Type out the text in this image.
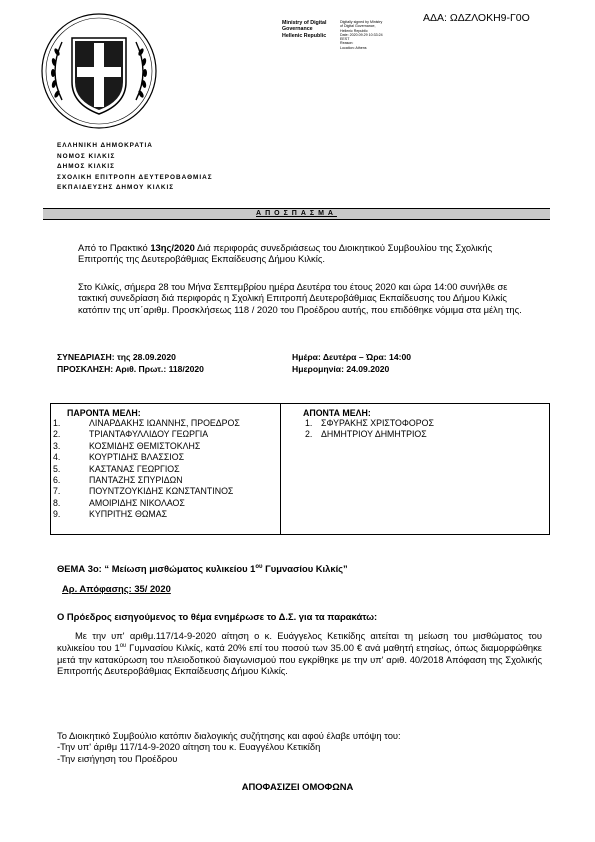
ΑΔΑ: ΩΔΖΛΟΚΗ9-Γ0Ο
Ministry of Digital
Governance
Hellenic Republic
Digitally signed by Ministry
of Digital Governance,
Hellenic Republic
Date: 2020.09.29 10:33:24
EEST
Reason:
Location: Athens
ΕΛΛΗΝΙΚΗ ΔΗΜΟΚΡΑΤΙΑ
ΝΟΜΟΣ ΚΙΛΚΙΣ
ΔΗΜΟΣ ΚΙΛΚΙΣ
ΣΧΟΛΙΚΗ ΕΠΙΤΡΟΠΗ ΔΕΥΤΕΡΟΒΑΘΜΙΑΣ
ΕΚΠΑΙΔΕΥΣΗΣ ΔΗΜΟΥ ΚΙΛΚΙΣ
ΑΠΟΣΠΑΣΜΑ
Από το Πρακτικό 13ης/2020 Διά περιφοράς συνεδριάσεως του Διοικητικού Συμβουλίου της Σχολικής Επιτροπής της Δευτεροβάθμιας Εκπαίδευσης Δήμου Κιλκίς.
Στο Κιλκίς, σήμερα 28 του Μήνα Σεπτεμβρίου ημέρα Δευτέρα του έτους 2020 και ώρα 14:00 συνήλθε σε τακτική συνεδρίαση διά περιφοράς η Σχολική Επιτροπή Δευτεροβάθμιας Εκπαίδευσης του Δήμου Κιλκίς κατόπιν της υπ΄αριθμ. Προσκλήσεως 118 / 2020 του Προέδρου αυτής, που επιδόθηκε νόμιμα στα μέλη της.
ΣΥΝΕΔΡΙΑΣΗ: της 28.09.2020
ΠΡΟΣΚΛΗΣΗ: Αριθ. Πρωτ.: 118/2020
Ημέρα: Δευτέρα – Ώρα: 14:00
Ημερομηνία: 24.09.2020
ΠΑΡΟΝΤΑ ΜΕΛΗ:
1.	ΛΙΝΑΡΔΑΚΗΣ ΙΩΑΝΝΗΣ, ΠΡΟΕΔΡΟΣ
2.	ΤΡΙΑΝΤΑΦΥΛΛΙΔΟΥ ΓΕΩΡΓΙΑ
3.	ΚΟΣΜΙΔΗΣ ΘΕΜΙΣΤΟΚΛΗΣ
4.	ΚΟΥΡΤΙΔΗΣ ΒΛΑΣΣΙΟΣ
5.	ΚΑΣΤΑΝΑΣ ΓΕΩΡΓΙΟΣ
6.	ΠΑΝΤΑΖΗΣ ΣΠΥΡΙΔΩΝ
7.	ΠΟΥΝΤΖΟΥΚΙΔΗΣ ΚΩΝΣΤΑΝΤΙΝΟΣ
8.	ΑΜΟΙΡΙΔΗΣ ΝΙΚΟΛΑΟΣ
9.	ΚΥΠΡΙΤΗΣ ΘΩΜΑΣ

ΑΠΟΝΤΑ ΜΕΛΗ:
1. ΣΦΥΡΑΚΗΣ ΧΡΙΣΤΟΦΟΡΟΣ
2. ΔΗΜΗΤΡΙΟΥ ΔΗΜΗΤΡΙΟΣ
ΘΕΜΑ 3ο: “ Μείωση μισθώματος κυλικείου $1^{o\upsilon}$ Γυμνασίου Κιλκίς”
Αρ. Απόφασης: 35/ 2020
Ο Πρόεδρος εισηγούμενος το θέμα ενημέρωσε το Δ.Σ. για τα παρακάτω:
Με την υπ' αριθμ.117/14-9-2020 αίτηση ο κ. Ευάγγελος Κετικίδης αιτείται τη μείωση του μισθώματος του κυλικείου του $1^{o\upsilon}$ Γυμνασίου Κιλκίς, κατά 20% επί του ποσού των 35.00 € ανά μαθητή ετησίως, όπως διαμορφώθηκε μετά την κατακύρωση του πλειοδοτικού διαγωνισμού που εγκρίθηκε με την υπ' αριθ. 40/2018 Απόφαση της Σχολικής Επιτροπής Δευτεροβάθμιας Εκπαίδευσης Δήμου Κιλκίς.
Το Διοικητικό Συμβούλιο κατόπιν διαλογικής συζήτησης και αφού έλαβε υπόψη του:
-Την υπ' άριθμ 117/14-9-2020 αίτηση του κ. Ευαγγέλου Κετικίδη
-Την εισήγηση του Προέδρου
ΑΠΟΦΑΣΙΖΕΙ ΟΜΟΦΩΝΑ
